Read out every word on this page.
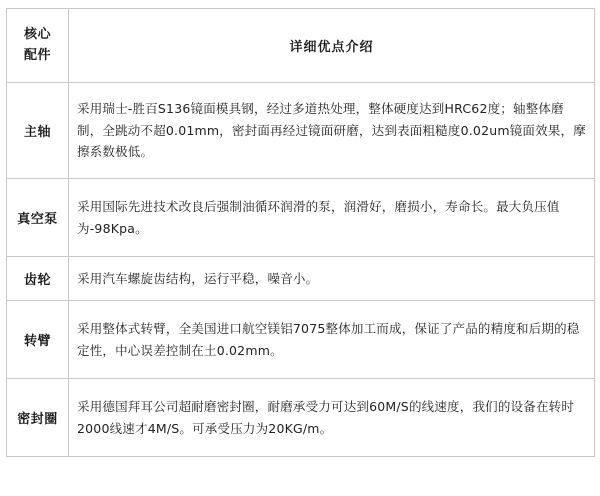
核心
配件	详细优点介绍
主轴	采用瑞士-胜百S136镜面模具钢，经过多道热处理，整体硬度达到HRC62度；轴整体磨制，全跳动不超0.01mm，密封面再经过镜面研磨，达到表面粗糙度0.02um镜面效果，摩擦系数极低。
真空泵	采用国际先进技术改良后强制油循环润滑的泵，润滑好，磨损小，寿命长。最大负压值为-98Kpa。
齿轮	采用汽车螺旋齿结构，运行平稳，噪音小。
转臂	采用整体式转臂，全美国进口航空镁铝7075整体加工而成，保证了产品的精度和后期的稳定性，中心误差控制在土0.02mm。
密封圈	采用德国拜耳公司超耐磨密封圈，耐磨承受力可达到60M/S的线速度，我们的设备在转时2000线速才4M/S。可承受压力为20KG/m。
